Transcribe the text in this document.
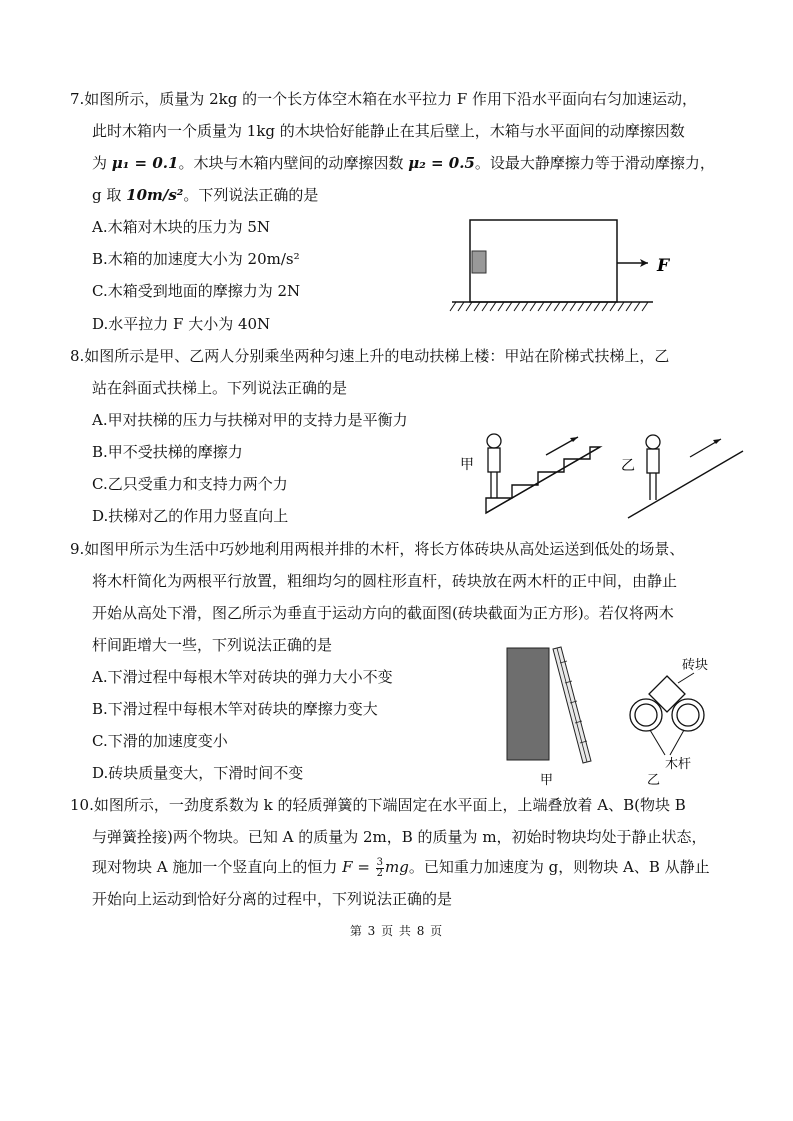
7.如图所示，质量为 2kg 的一个长方体空木箱在水平拉力 F 作用下沿水平面向右匀加速运动，
此时木箱内一个质量为 1kg 的木块恰好能静止在其后壁上，木箱与水平面间的动摩擦因数
为 μ₁ = 0.1。木块与木箱内壁间的动摩擦因数 μ₂ = 0.5。设最大静摩擦力等于滑动摩擦力，
g 取 10m/s²。下列说法正确的是
A.木箱对木块的压力为 5N
B.木箱的加速度大小为 20m/s²
C.木箱受到地面的摩擦力为 2N
D.水平拉力 F 大小为 40N
F
8.如图所示是甲、乙两人分别乘坐两种匀速上升的电动扶梯上楼：甲站在阶梯式扶梯上，乙
站在斜面式扶梯上。下列说法正确的是
A.甲对扶梯的压力与扶梯对甲的支持力是平衡力
B.甲不受扶梯的摩擦力
C.乙只受重力和支持力两个力
D.扶梯对乙的作用力竖直向上
甲	乙
9.如图甲所示为生活中巧妙地利用两根并排的木杆，将长方体砖块从高处运送到低处的场景、
将木杆简化为两根平行放置，粗细均匀的圆柱形直杆，砖块放在两木杆的正中间，由静止
开始从高处下滑，图乙所示为垂直于运动方向的截面图(砖块截面为正方形)。若仅将两木
杆间距增大一些，下列说法正确的是
A.下滑过程中每根木竿对砖块的弹力大小不变
B.下滑过程中每根木竿对砖块的摩擦力变大
C.下滑的加速度变小
D.砖块质量变大，下滑时间不变	甲
砖块
木杆
乙
10.如图所示，一劲度系数为 k 的轻质弹簧的下端固定在水平面上，上端叠放着 A、B(物块 B
与弹簧拴接)两个物块。已知 A 的质量为 2m，B 的质量为 m，初始时物块均处于静止状态，
现对物块 A 施加一个竖直向上的恒力 $F = \frac{3}{2}$ mg。已知重力加速度为 g，则物块 A、B 从静止
开始向上运动到恰好分离的过程中，下列说法正确的是
第 3 页 共 8 页
